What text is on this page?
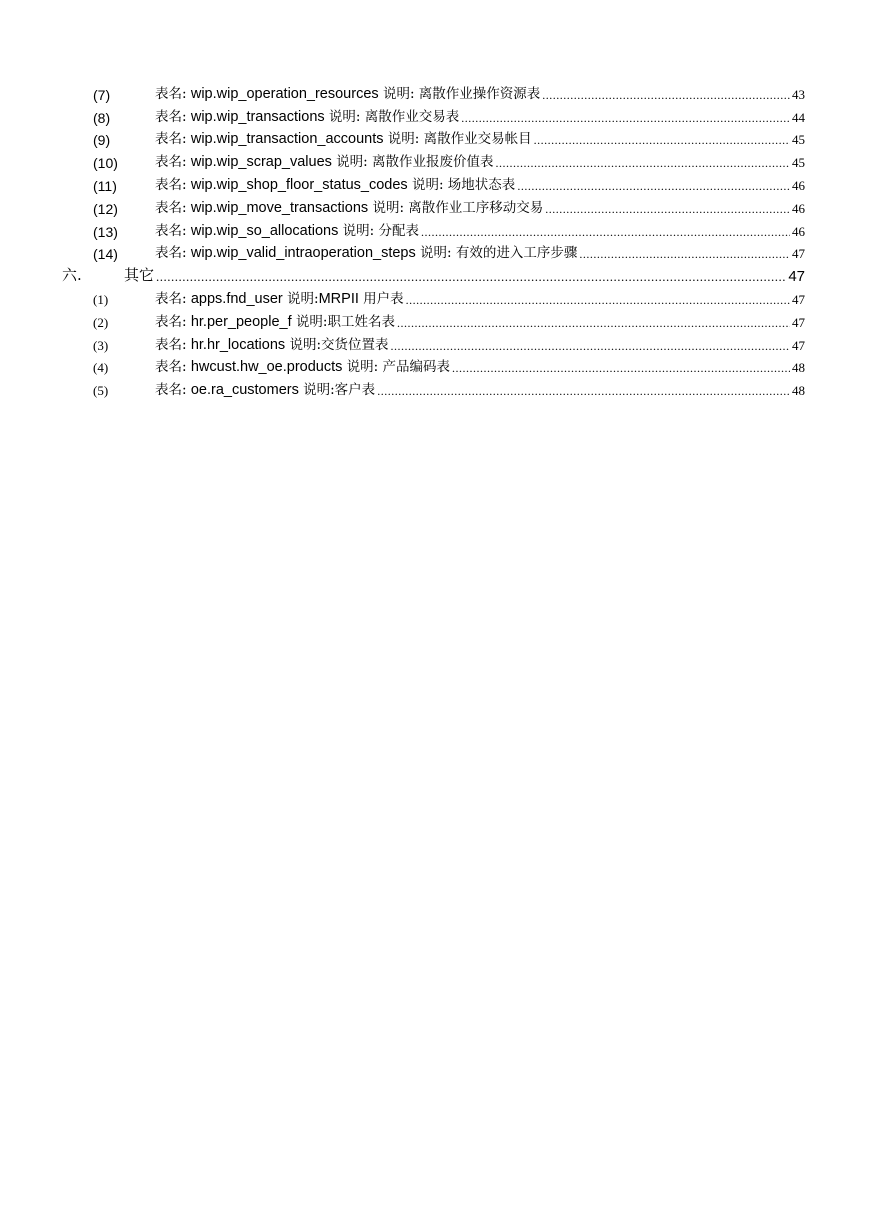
(7)	表名: wip.wip_operation_resources 说明: 离散作业操作资源表 .....	43
(8)	表名: wip.wip_transactions 说明: 离散作业交易表 .....	44
(9)	表名: wip.wip_transaction_accounts 说明: 离散作业交易帐目 .....	45
(10)	表名: wip.wip_scrap_values 说明: 离散作业报废价值表 .....	45
(11)	表名: wip.wip_shop_floor_status_codes 说明: 场地状态表 .....	46
(12)	表名: wip.wip_move_transactions 说明: 离散作业工序移动交易 .....	46
(13)	表名: wip.wip_so_allocations 说明: 分配表 .....	46
(14)	表名: wip.wip_valid_intraoperation_steps 说明: 有效的进入工序步骤 .....	47
六.	其它 .....	47
(1)	表名: apps.fnd_user 说明:MRPII 用户表 .....	47
(2)	表名: hr.per_people_f 说明:职工姓名表 .....	47
(3)	表名: hr.hr_locations 说明:交货位置表 .....	47
(4)	表名: hwcust.hw_oe.products 说明: 产品编码表 .....	48
(5)	表名: oe.ra_customers 说明:客户表 .....	48
